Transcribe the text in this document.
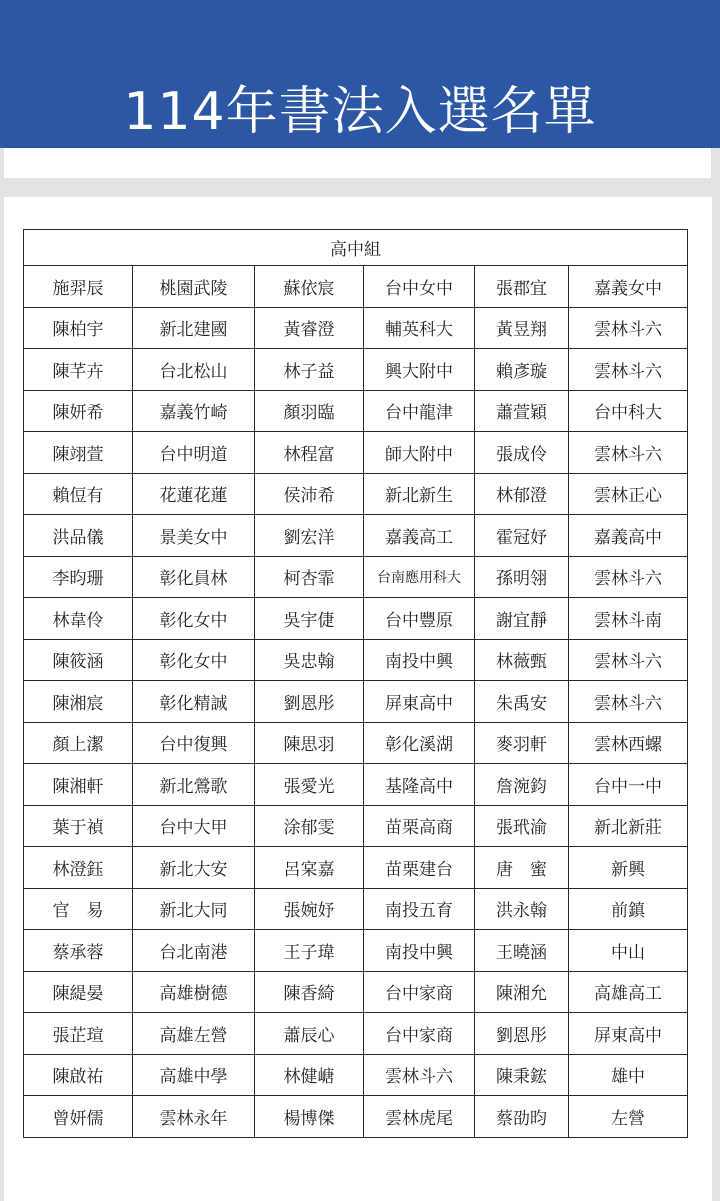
114年書法入選名單
高中組					
施羿辰	桃園武陵	蘇依宸	台中女中	張郡宜	嘉義女中
陳柏宇	新北建國	黃睿澄	輔英科大	黃昱翔	雲林斗六
陳芊卉	台北松山	林子益	興大附中	賴彥璇	雲林斗六
陳妍希	嘉義竹崎	顏羽臨	台中龍津	蕭萱穎	台中科大
陳翊萱	台中明道	林程富	師大附中	張成伶	雲林斗六
賴侸有	花蓮花蓮	侯沛希	新北新生	林郁澄	雲林正心
洪品儀	景美女中	劉宏洋	嘉義高工	霍冠妤	嘉義高中
李昀珊	彰化員林	柯杏霏	台南應用科大	孫明翎	雲林斗六
林韋伶	彰化女中	吳宇倢	台中豐原	謝宜靜	雲林斗南
陳筱涵	彰化女中	吳忠翰	南投中興	林薇甄	雲林斗六
陳湘宸	彰化精誠	劉恩彤	屏東高中	朱禹安	雲林斗六
顏上潔	台中復興	陳思羽	彰化溪湖	麥羽軒	雲林西螺
陳湘軒	新北鶯歌	張愛光	基隆高中	詹涴鈞	台中一中
葉于禎	台中大甲	涂郁雯	苗栗高商	張玳渝	新北新莊
林澄鈺	新北大安	呂宲嘉	苗栗建台	唐　蜜	新興
官　易	新北大同	張婉妤	南投五育	洪永翰	前鎮
蔡承蓉	台北南港	王子瑋	南投中興	王曉涵	中山
陳緹晏	高雄樹德	陳香綺	台中家商	陳湘允	高雄高工
張芷瑄	高雄左營	蕭辰心	台中家商	劉恩彤	屏東高中
陳啟祐	高雄中學	林健嵣	雲林斗六	陳秉鋐	雄中
曾妍儒	雲林永年	楊博傑	雲林虎尾	蔡劭昀	左營
